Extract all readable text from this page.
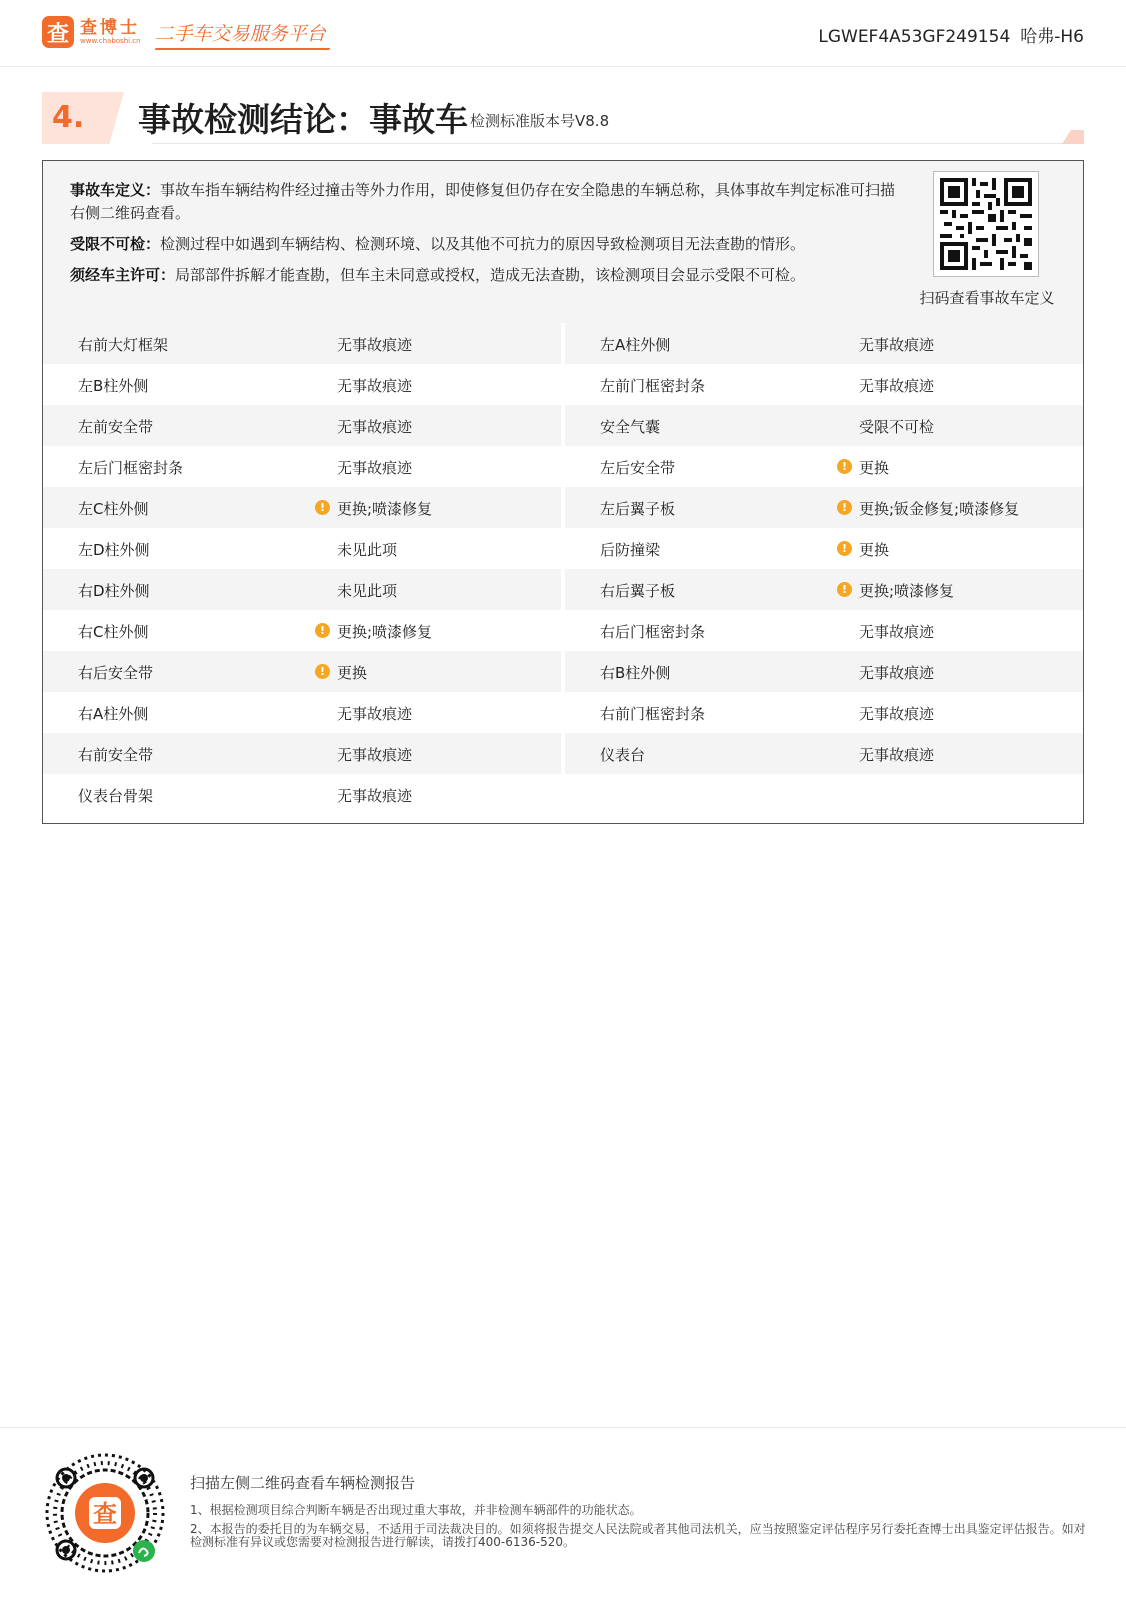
查 查博士
www.chaboshi.cn 二手车交易服务平台	LGWEF4A53GF249154 哈弗-H6
4. 事故检测结论：事故车 检测标准版本号V8.8
事故车定义：事故车指车辆结构件经过撞击等外力作用，即使修复但仍存在安全隐患的车辆总称，具体事故车判定标准可扫描右侧二维码查看。
受限不可检：检测过程中如遇到车辆结构、检测环境、以及其他不可抗力的原因导致检测项目无法查勘的情形。
须经车主许可：局部部件拆解才能查勘，但车主未同意或授权，造成无法查勘，该检测项目会显示受限不可检。
扫码查看事故车定义
右前大灯框架	无事故痕迹	左A柱外侧	无事故痕迹
左B柱外侧	无事故痕迹	左前门框密封条	无事故痕迹
左前安全带	无事故痕迹	安全气囊	受限不可检
左后门框密封条	无事故痕迹	左后安全带	! 更换
左C柱外侧	! 更换;喷漆修复	左后翼子板	! 更换;钣金修复;喷漆修复
左D柱外侧	未见此项	后防撞梁	! 更换
右D柱外侧	未见此项	右后翼子板	! 更换;喷漆修复
右C柱外侧	! 更换;喷漆修复	右后门框密封条	无事故痕迹
右后安全带	! 更换	右B柱外侧	无事故痕迹
右A柱外侧	无事故痕迹	右前门框密封条	无事故痕迹
右前安全带	无事故痕迹	仪表台	无事故痕迹
仪表台骨架	无事故痕迹
查
扫描左侧二维码查看车辆检测报告
1、根据检测项目综合判断车辆是否出现过重大事故，并非检测车辆部件的功能状态。
2、本报告的委托目的为车辆交易，不适用于司法裁决目的。如须将报告提交人民法院或者其他司法机关，应当按照鉴定评估程序另行委托查博士出具鉴定评估报告。如对检测标准有异议或您需要对检测报告进行解读，请拨打400-6136-520。
